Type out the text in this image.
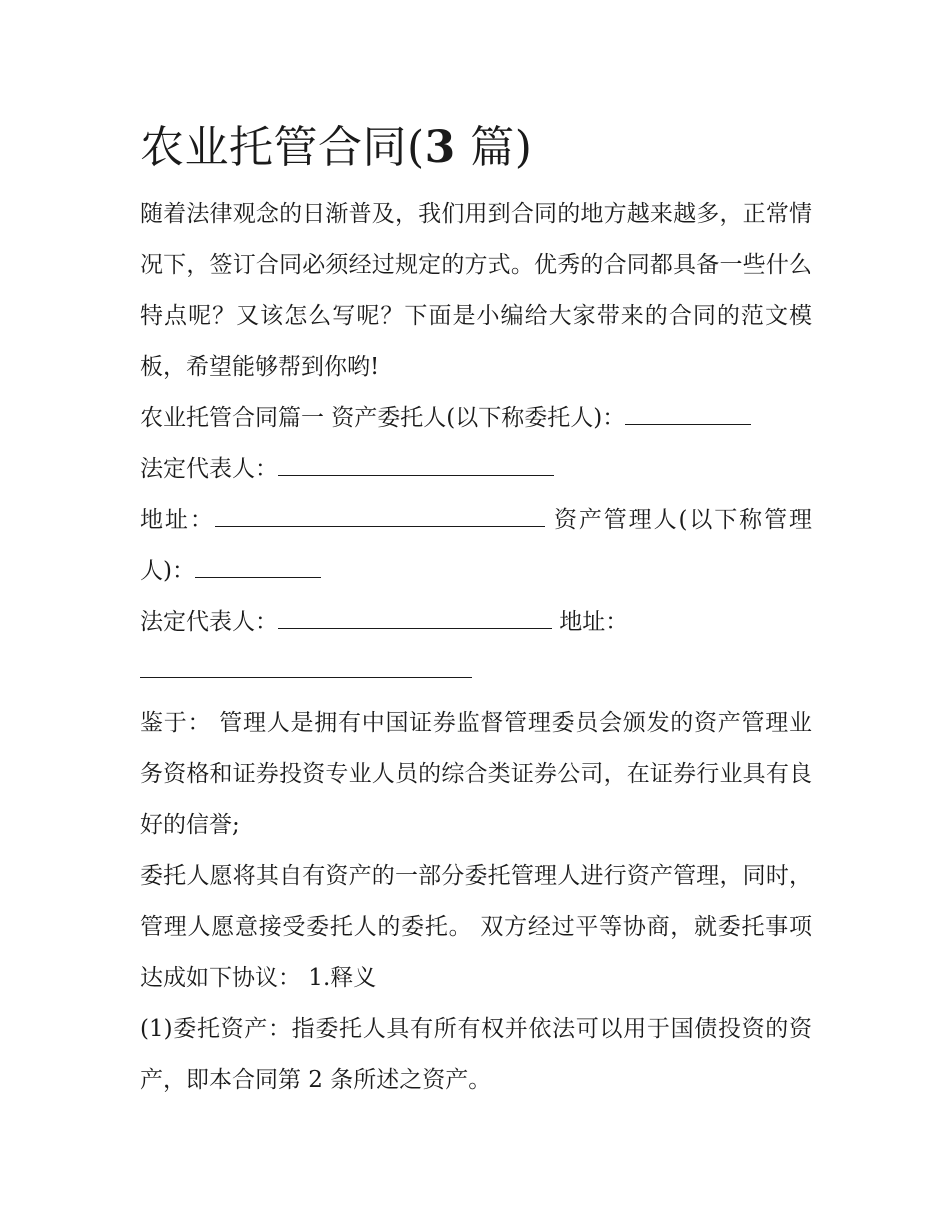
农业托管合同(3 篇)

随着法律观念的日渐普及，我们用到合同的地方越来越多，正常情况下，签订合同必须经过规定的方式。优秀的合同都具备一些什么特点呢？又该怎么写呢？下面是小编给大家带来的合同的范文模板，希望能够帮到你哟!

农业托管合同篇一 资产委托人(以下称委托人)：

法定代表人：

地址：	资产管理人(以下称管理人)：

法定代表人：	地址：

鉴于： 管理人是拥有中国证券监督管理委员会颁发的资产管理业务资格和证券投资专业人员的综合类证券公司，在证券行业具有良好的信誉;

委托人愿将其自有资产的一部分委托管理人进行资产管理，同时，管理人愿意接受委托人的委托。 双方经过平等协商，就委托事项达成如下协议： 1.释义

(1)委托资产：指委托人具有所有权并依法可以用于国债投资的资产，即本合同第 2 条所述之资产。
